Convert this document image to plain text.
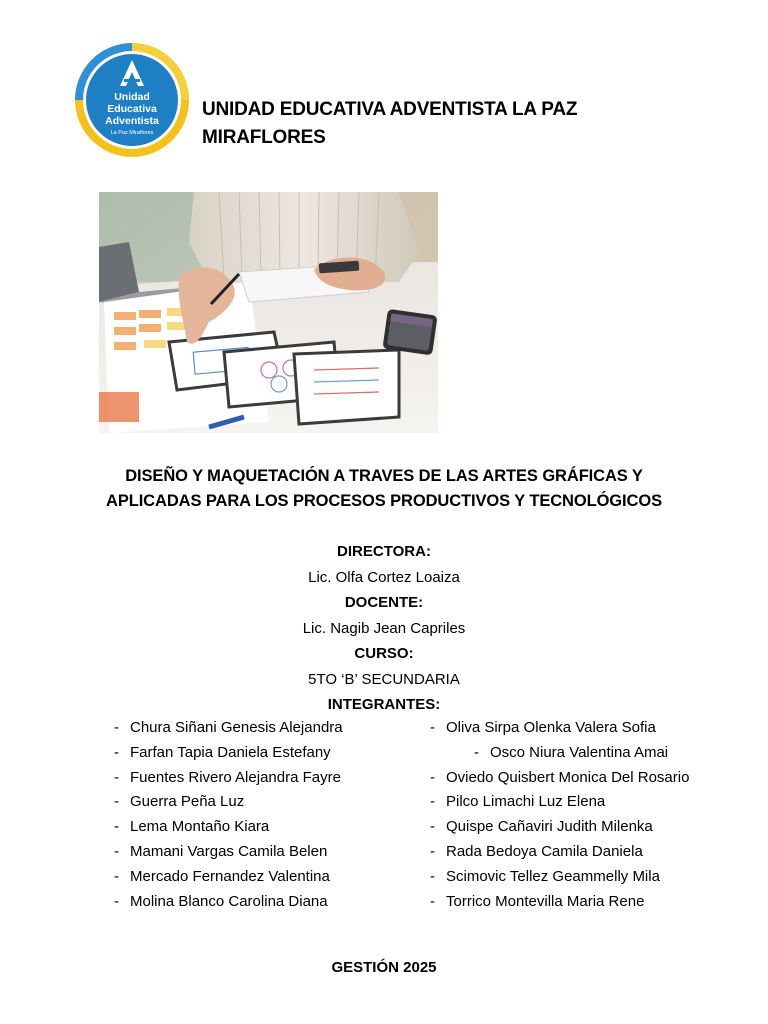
Unidad
Educativa
Adventista
La Paz Miraflores
UNIDAD EDUCATIVA ADVENTISTA LA PAZ
MIRAFLORES
DISEÑO Y MAQUETACIÓN A TRAVES DE LAS ARTES GRÁFICAS Y
APLICADAS PARA LOS PROCESOS PRODUCTIVOS Y TECNOLÓGICOS
DIRECTORA:
Lic. Olfa Cortez Loaiza
DOCENTE:
Lic. Nagib Jean Capriles
CURSO:
5TO ‘B’ SECUNDARIA
INTEGRANTES:
- Chura Siñani Genesis Alejandra
- Farfan Tapia Daniela Estefany
- Fuentes Rivero Alejandra Fayre
- Guerra Peña Luz
- Lema Montaño Kiara
- Mamani Vargas Camila Belen
- Mercado Fernandez Valentina
- Molina Blanco Carolina Diana
- Oliva Sirpa Olenka Valera Sofia
- Osco Niura Valentina Amai
- Oviedo Quisbert Monica Del Rosario
- Pilco Limachi Luz Elena
- Quispe Cañaviri Judith Milenka
- Rada Bedoya Camila Daniela
- Scimovic Tellez Geammelly Mila
- Torrico Montevilla Maria Rene
GESTIÓN 2025
